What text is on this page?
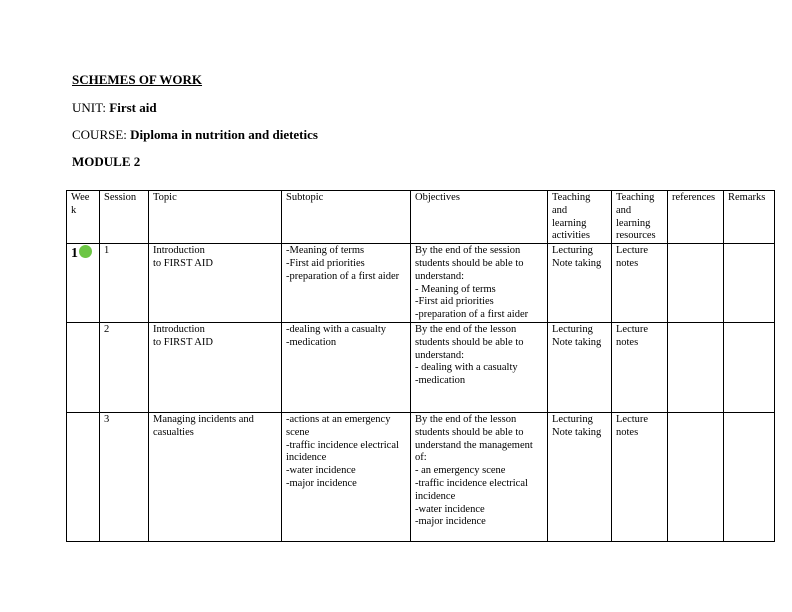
SCHEMES OF WORK
UNIT: First aid
COURSE: Diploma in nutrition and dietetics
MODULE 2
Wee
k	Session	Topic	Subtopic	Objectives	Teaching
and
learning
activities	Teaching
and
learning
resources	references	Remarks
1	1	Introduction
to FIRST AID	-Meaning of terms
-First aid priorities
-preparation of a first aider	By the end of the session students should be able to understand:
- Meaning of terms
-First aid priorities
-preparation of a first aider	Lecturing
Note taking	Lecture
notes		
	2	Introduction
to FIRST AID	-dealing with a casualty
-medication	By the end of the lesson students should be able to understand:
- dealing with a casualty
-medication	Lecturing
Note taking	Lecture
notes		
	3	Managing incidents and casualties	-actions at an emergency scene
-traffic incidence electrical incidence
-water incidence
-major incidence	By the end of the lesson students should be able to understand the management of:
- an emergency scene
-traffic incidence electrical incidence
-water incidence
-major incidence	Lecturing
Note taking	Lecture
notes		
